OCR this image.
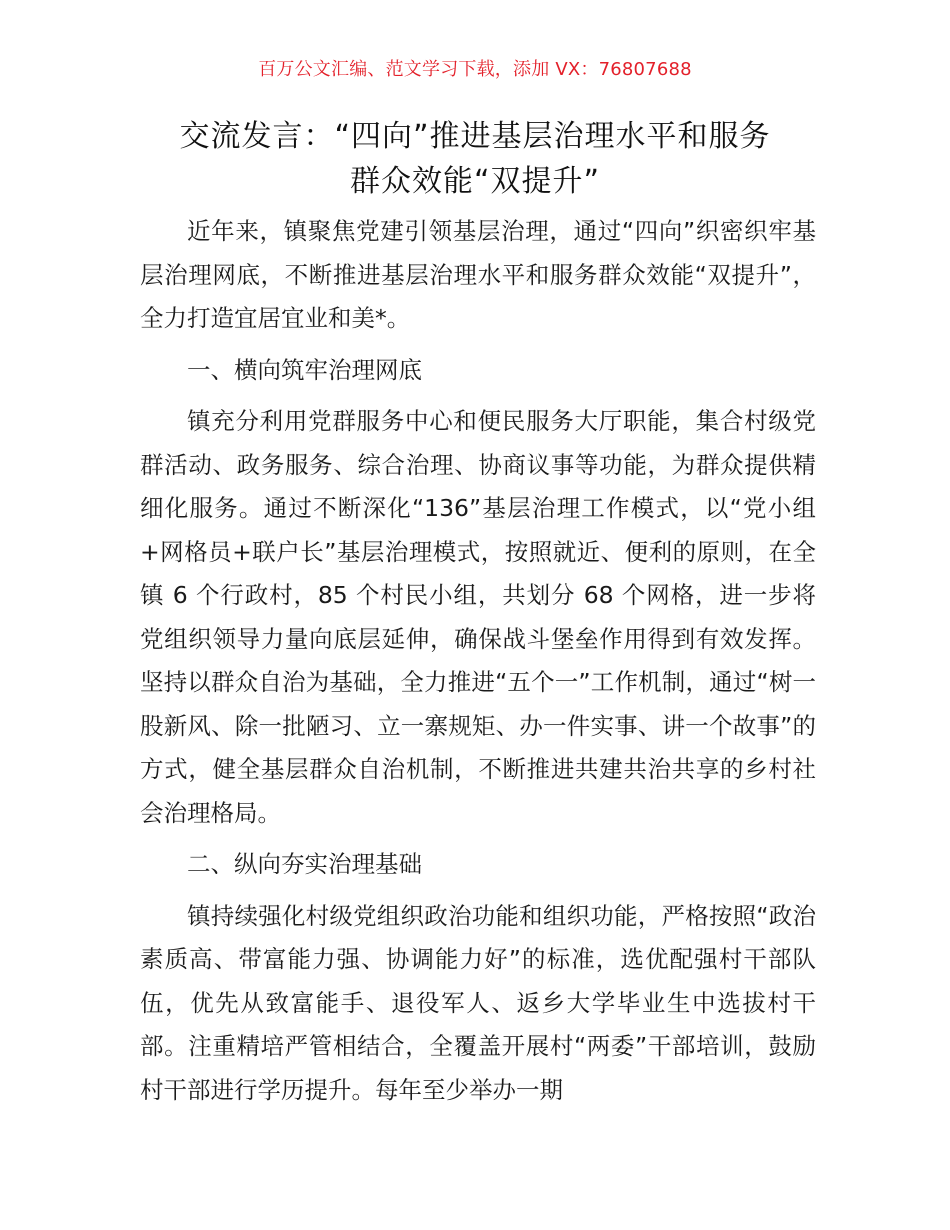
百万公文汇编、范文学习下载，添加 VX：76807688
交流发言：“四向”推进基层治理水平和服务
群众效能“双提升”

近年来，镇聚焦党建引领基层治理，通过“四向”织密织牢基层治理网底，不断推进基层治理水平和服务群众效能“双提升”，全力打造宜居宜业和美*。

一、横向筑牢治理网底

镇充分利用党群服务中心和便民服务大厅职能，集合村级党群活动、政务服务、综合治理、协商议事等功能，为群众提供精细化服务。通过不断深化“136”基层治理工作模式，以“党小组+网格员+联户长”基层治理模式，按照就近、便利的原则，在全镇 6 个行政村，85 个村民小组，共划分 68 个网格，进一步将党组织领导力量向底层延伸，确保战斗堡垒作用得到有效发挥。坚持以群众自治为基础，全力推进“五个一”工作机制，通过“树一股新风、除一批陋习、立一寨规矩、办一件实事、讲一个故事”的方式，健全基层群众自治机制，不断推进共建共治共享的乡村社会治理格局。

二、纵向夯实治理基础

镇持续强化村级党组织政治功能和组织功能，严格按照“政治素质高、带富能力强、协调能力好”的标准，选优配强村干部队伍，优先从致富能手、退役军人、返乡大学毕业生中选拔村干部。注重精培严管相结合，全覆盖开展村“两委”干部培训，鼓励村干部进行学历提升。每年至少举办一期
